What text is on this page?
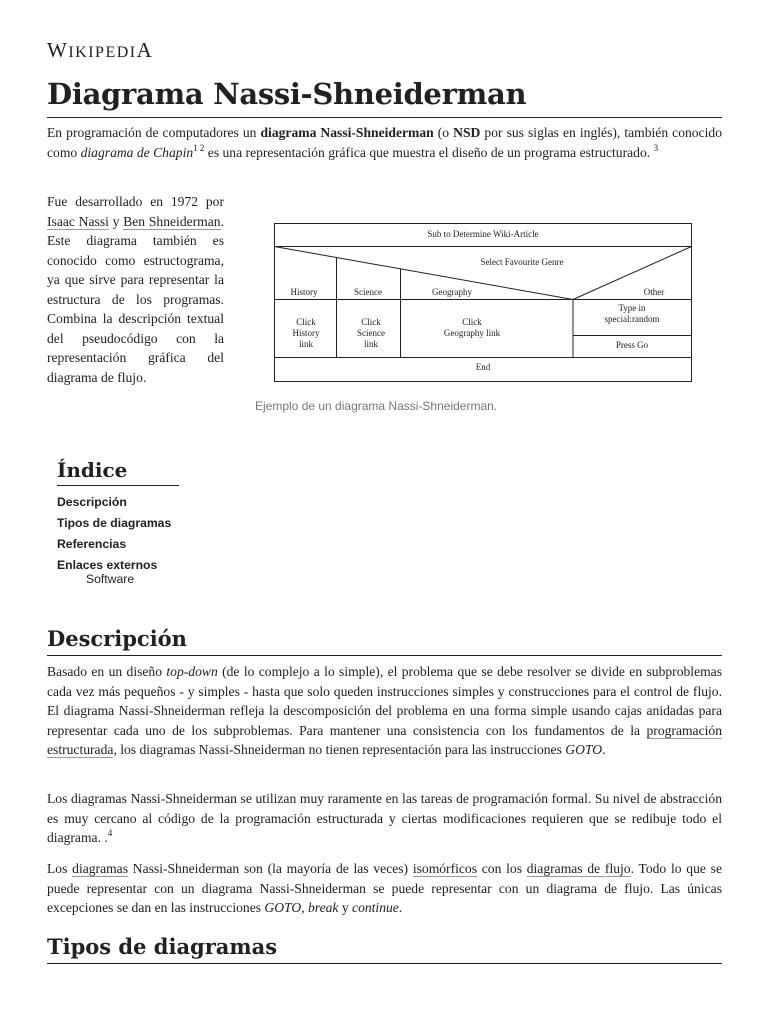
WIKIPEDIA
Diagrama Nassi-Shneiderman

En programación de computadores un diagrama Nassi-Shneiderman (o NSD por sus siglas en inglés), también conocido como diagrama de Chapin$^{1 2}$ es una representación gráfica que muestra el diseño de un programa estructurado. $^3$

Fue desarrollado en 1972 por Isaac Nassi y Ben Shneiderman. Este diagrama también es conocido como estructograma, ya que sirve para representar la estructura de los programas. Combina la descripción textual del pseudocódigo con la representación gráfica del diagrama de flujo.

Sub to Determine Wiki-Article
Select Favourite Genre
History	Science	Geography	Other
Click
History
link
Click
Science
link
Click
Geography link
Type in
special:random
Press Go
End
Ejemplo de un diagrama Nassi-Shneiderman.
Índice
Descripción
Tipos de diagramas
Referencias
Enlaces externos
Software
Descripción

Basado en un diseño top-down (de lo complejo a lo simple), el problema que se debe resolver se divide en subproblemas cada vez más pequeños - y simples - hasta que solo queden instrucciones simples y construcciones para el control de flujo. El diagrama Nassi-Shneiderman refleja la descomposición del problema en una forma simple usando cajas anidadas para representar cada uno de los subproblemas. Para mantener una consistencia con los fundamentos de la programación estructurada, los diagramas Nassi-Shneiderman no tienen representación para las instrucciones GOTO.

Los diagramas Nassi-Shneiderman se utilizan muy raramente en las tareas de programación formal. Su nivel de abstracción es muy cercano al código de la programación estructurada y ciertas modificaciones requieren que se redibuje todo el diagrama. .$^4$

Los diagramas Nassi-Shneiderman son (la mayoría de las veces) isomórficos con los diagramas de flujo. Todo lo que se puede representar con un diagrama Nassi-Shneiderman se puede representar con un diagrama de flujo. Las únicas excepciones se dan en las instrucciones GOTO, break y continue.

Tipos de diagramas
